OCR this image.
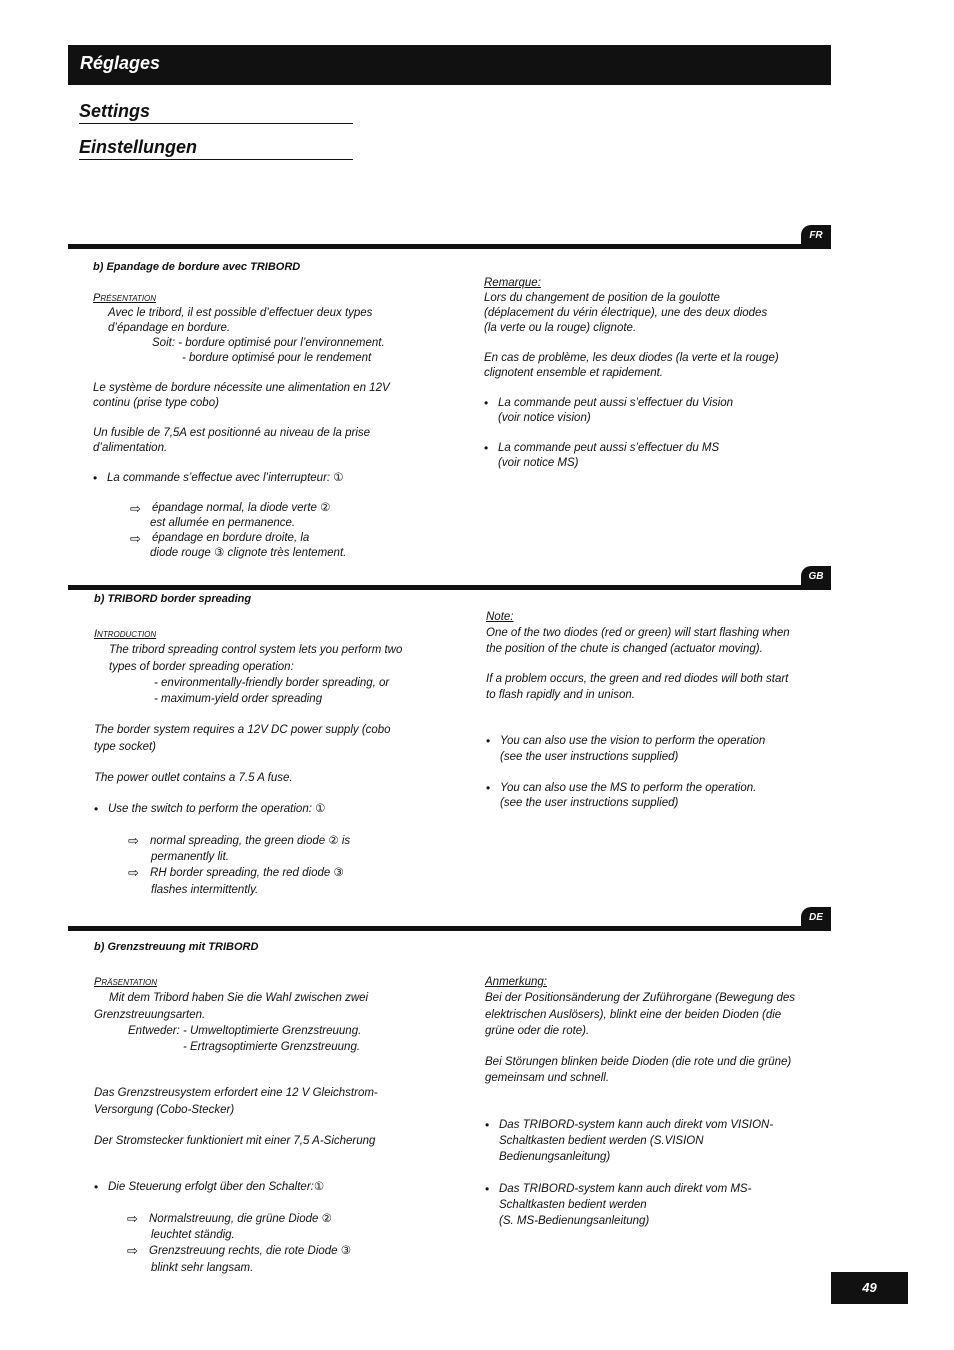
Réglages
Settings
Einstellungen
FR
b) Epandage de bordure avec TRIBORD
Présentation
Avec le tribord, il est possible d’effectuer deux types
d’épandage en bordure.
Soit: - bordure optimisé pour l’environnement.
- bordure optimisé pour le rendement
Le système de bordure nécessite une alimentation en 12V
continu (prise type cobo)
Un fusible de 7,5A est positionné au niveau de la prise
d’alimentation.
• La commande s’effectue avec l’interrupteur: ①
⇨ épandage normal, la diode verte ②
est allumée en permanence.
⇨ épandage en bordure droite, la
diode rouge ③ clignote très lentement.
Remarque:
Lors du changement de position de la goulotte
(déplacement du vérin électrique), une des deux diodes
(la verte ou la rouge) clignote.
En cas de problème, les deux diodes (la verte et la rouge)
clignotent ensemble et rapidement.
• La commande peut aussi s’effectuer du Vision
(voir notice vision)
• La commande peut aussi s’effectuer du MS
(voir notice MS)
GB
b) TRIBORD border spreading
Introduction
The tribord spreading control system lets you perform two
types of border spreading operation:
- environmentally-friendly border spreading, or
- maximum-yield order spreading
The border system requires a 12V DC power supply (cobo
type socket)
The power outlet contains a 7.5 A fuse.
• Use the switch to perform the operation: ①
⇨ normal spreading, the green diode ② is
permanently lit.
⇨ RH border spreading, the red diode ③
flashes intermittently.
Note:
One of the two diodes (red or green) will start flashing when
the position of the chute is changed (actuator moving).
If a problem occurs, the green and red diodes will both start
to flash rapidly and in unison.
• You can also use the vision to perform the operation
(see the user instructions supplied)
• You can also use the MS to perform the operation.
(see the user instructions supplied)
DE
b) Grenzstreuung mit TRIBORD
Präsentation
Mit dem Tribord haben Sie die Wahl zwischen zwei
Grenzstreuungsarten.
Entweder: - Umweltoptimierte Grenzstreuung.
- Ertragsoptimierte Grenzstreuung.
Das Grenzstreusystem erfordert eine 12 V Gleichstrom-
Versorgung (Cobo-Stecker)
Der Stromstecker funktioniert mit einer 7,5 A-Sicherung
• Die Steuerung erfolgt über den Schalter:①
⇨ Normalstreuung, die grüne Diode ②
leuchtet ständig.
⇨ Grenzstreuung rechts, die rote Diode ③
blinkt sehr langsam.
Anmerkung:
Bei der Positionsänderung der Zuführorgane (Bewegung des
elektrischen Auslösers), blinkt eine der beiden Dioden (die
grüne oder die rote).
Bei Störungen blinken beide Dioden (die rote und die grüne)
gemeinsam und schnell.
• Das TRIBORD-system kann auch direkt vom VISION-
Schaltkasten bedient werden (S.VISION
Bedienungsanleitung)
• Das TRIBORD-system kann auch direkt vom MS-
Schaltkasten bedient werden
(S. MS-Bedienungsanleitung)
49
